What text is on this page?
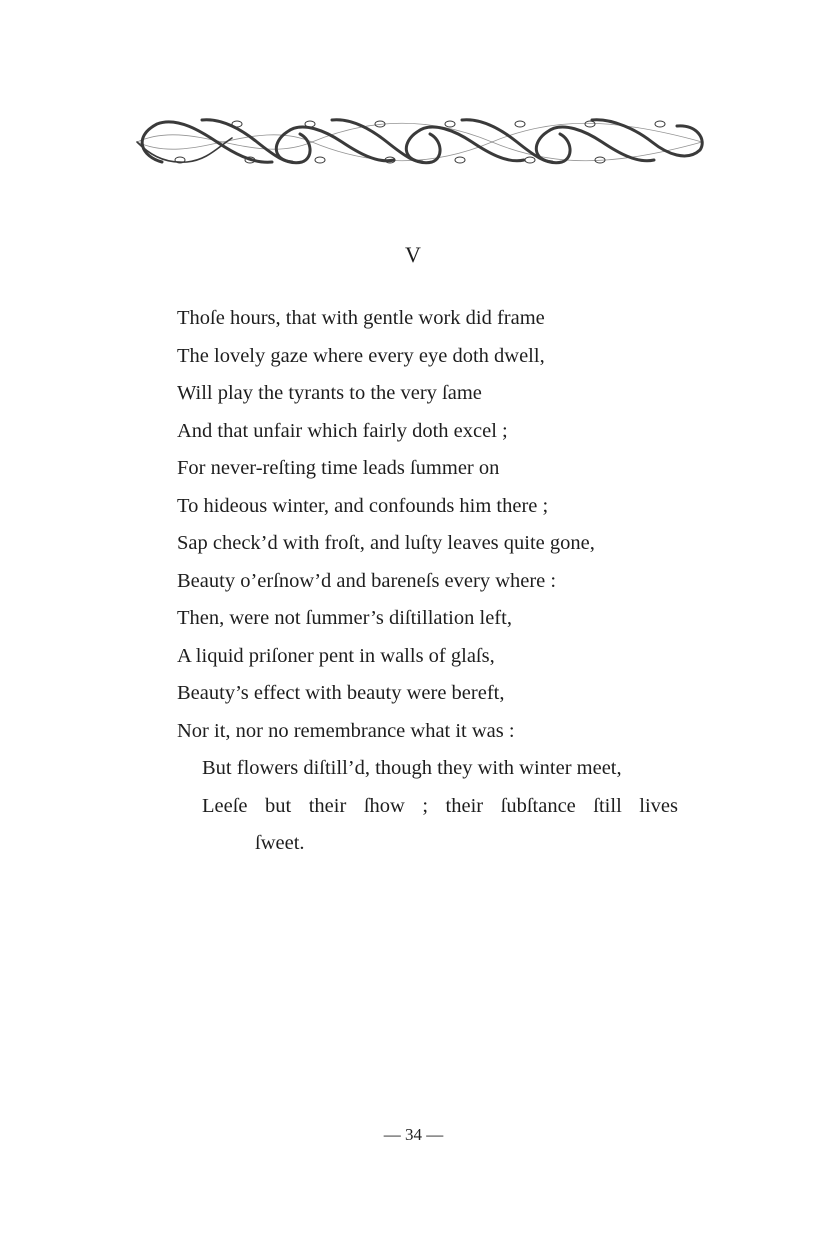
V
Thoſe hours, that with gentle work did frame
The lovely gaze where every eye doth dwell,
Will play the tyrants to the very ſame
And that unfair which fairly doth excel ;
For never-reſting time leads ſummer on
To hideous winter, and confounds him there ;
Sap check’d with froſt, and luſty leaves quite gone,
Beauty o’erſnow’d and bareneſs every where :
Then, were not ſummer’s diſtillation left,
A liquid priſoner pent in walls of glaſs,
Beauty’s effect with beauty were bereft,
Nor it, nor no remembrance what it was :
But flowers diſtill’d, though they with winter meet,
Leeſe but their ſhow ; their ſubſtance ſtill lives
ſweet.
— 34 —
